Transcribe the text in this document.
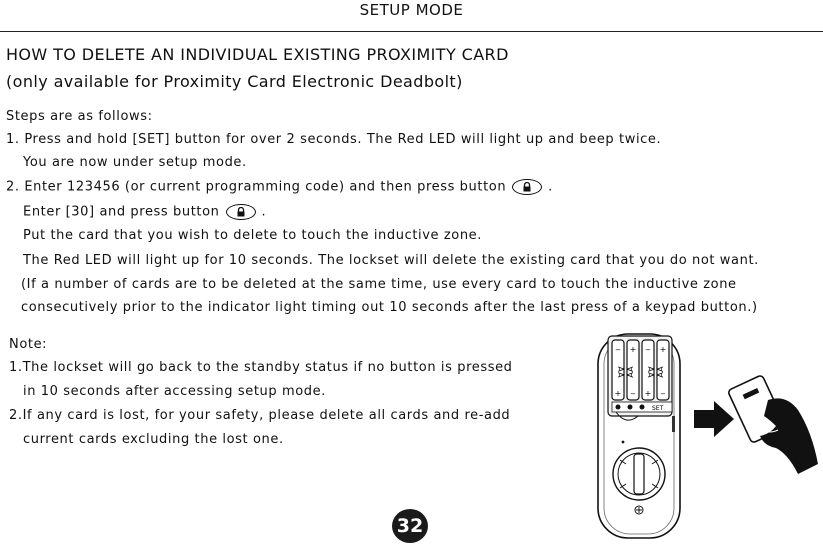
SETUP MODE
HOW TO DELETE AN INDIVIDUAL EXISTING PROXIMITY CARD
(only available for Proximity Card Electronic Deadbolt)
Steps are as follows:
1. Press and hold [SET] button for over 2 seconds. The Red LED will light up and beep twice.
You are now under setup mode.
2. Enter 123456 (or current programming code) and then press button	.
Enter [30] and press button	.
Put the card that you wish to delete to touch the inductive zone.
The Red LED will light up for 10 seconds. The lockset will delete the existing card that you do not want.
(If a number of cards are to be deleted at the same time, use every card to touch the inductive zone
consecutively prior to the indicator light timing out 10 seconds after the last press of a keypad button.)
Note:
1.The lockset will go back to the standby status if no button is pressed
in 10 seconds after accessing setup mode.
2.If any card is lost, for your safety, please delete all cards and re-add
current cards excluding the lost one.
− + − +
+ − + −
AA AA AA AA
SET
32
